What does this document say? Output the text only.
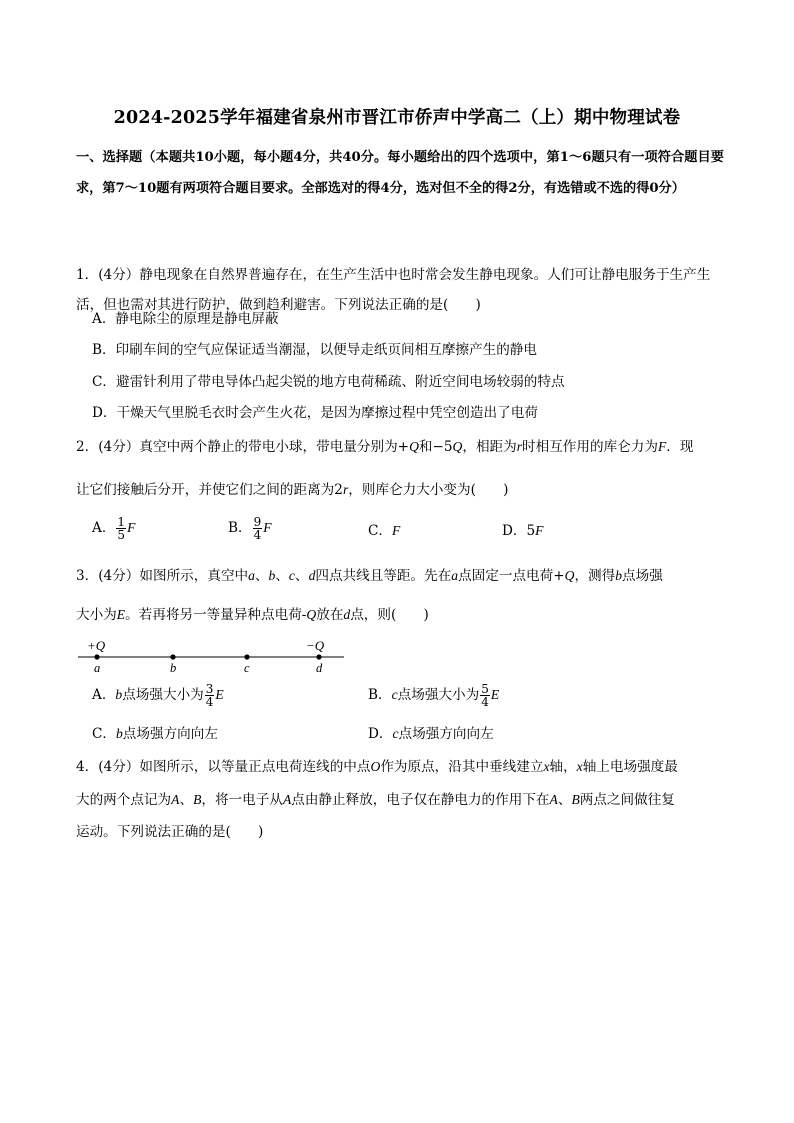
2024-2025学年福建省泉州市晋江市侨声中学高二（上）期中物理试卷
一、选择题（本题共10小题，每小题4分，共40分。每小题给出的四个选项中，第1～6题只有一项符合题目要求，第7～10题有两项符合题目要求。全部选对的得4分，选对但不全的得2分，有选错或不选的得0分）
1．(4分）静电现象在自然界普遍存在，在生产生活中也时常会发生静电现象。人们可让静电服务于生产生活，但也需对其进行防护，做到趋利避害。下列说法正确的是(　　)
A．静电除尘的原理是静电屏蔽
B．印刷车间的空气应保证适当潮湿，以便导走纸页间相互摩擦产生的静电
C．避雷针利用了带电导体凸起尖锐的地方电荷稀疏、附近空间电场较弱的特点
D．干燥天气里脱毛衣时会产生火花，是因为摩擦过程中凭空创造出了电荷
2．(4分）真空中两个静止的带电小球，带电量分别为+Q和−5Q，相距为r时相互作用的库仑力为F．现
让它们接触后分开，并使它们之间的距离为2r，则库仑力大小变为(　　)
A． $\frac{1}{5}$ F	B． $\frac{9}{4}$ F	C．F	D．5F
3．(4分）如图所示，真空中a、b、c、d四点共线且等距。先在a点固定一点电荷+Q，测得b点场强
大小为E。若再将另一等量异种点电荷-Q放在d点，则(　　)
+Q	−Q
a	b	c	d
A．b点场强大小为 $\frac{3}{4}$ E	B．c点场强大小为 $\frac{5}{4}$ E
C．b点场强方向向左	D．c点场强方向向左
4．(4分）如图所示，以等量正点电荷连线的中点O作为原点，沿其中垂线建立x轴，x轴上电场强度最
大的两个点记为A、B，将一电子从A点由静止释放，电子仅在静电力的作用下在A、B两点之间做往复
运动。下列说法正确的是(　　)
